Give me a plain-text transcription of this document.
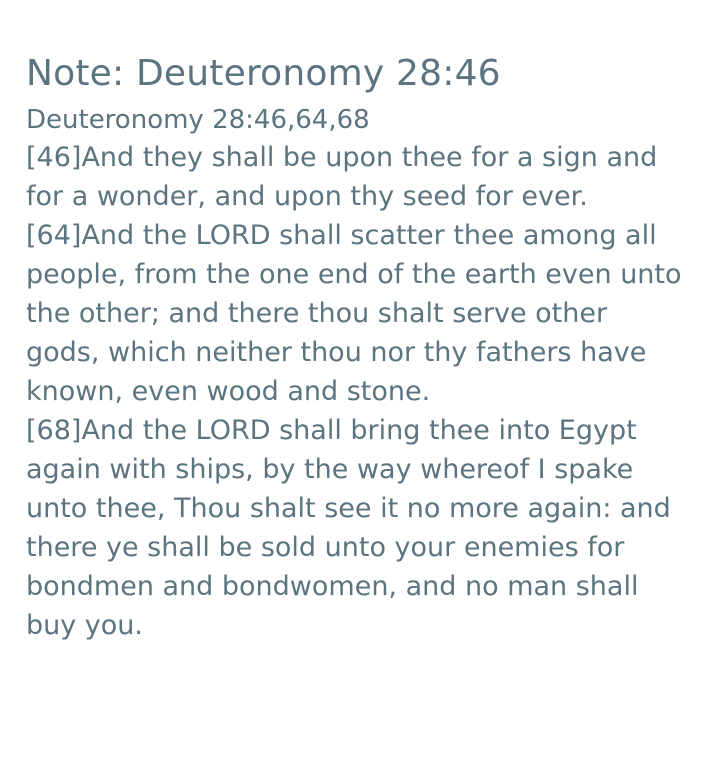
Note: Deuteronomy 28:46
Deuteronomy 28:46,64,68

[46]And they shall be upon thee for a sign and for a wonder, and upon thy seed for ever.

[64]And the LORD shall scatter thee among all people, from the one end of the earth even unto the other; and there thou shalt serve other gods, which neither thou nor thy fathers have known, even wood and stone.

[68]And the LORD shall bring thee into Egypt again with ships, by the way whereof I spake unto thee, Thou shalt see it no more again: and there ye shall be sold unto your enemies for bondmen and bondwomen, and no man shall buy you.
